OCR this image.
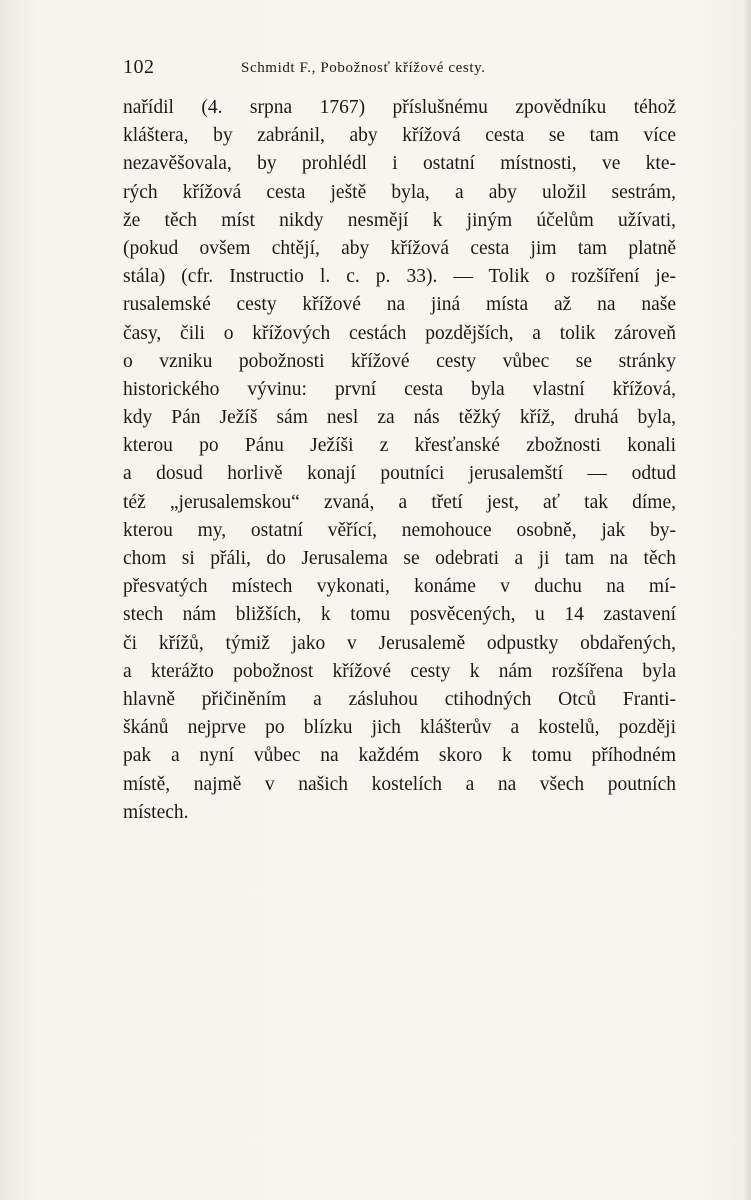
102	Schmidt F., Pobožnosť křížové cesty.
nařídil (4. srpna 1767) příslušnému zpovědníku téhož
kláštera, by zabránil, aby křížová cesta se tam více
nezavěšovala, by prohlédl i ostatní místnosti, ve kte-
rých křížová cesta ještě byla, a aby uložil sestrám,
že těch míst nikdy nesmějí k jiným účelům užívati,
(pokud ovšem chtějí, aby křížová cesta jim tam platně
stála) (cfr. Instructio l. c. p. 33). — Tolik o rozšíření je-
rusalemské cesty křížové na jiná místa až na naše
časy, čili o křížových cestách pozdějších, a tolik zároveň
o vzniku pobožnosti křížové cesty vůbec se stránky
historického vývinu: první cesta byla vlastní křížová,
kdy Pán Ježíš sám nesl za nás těžký kříž, druhá byla,
kterou po Pánu Ježíši z křesťanské zbožnosti konali
a dosud horlivě konají poutníci jerusalemští — odtud
též „jerusalemskou“ zvaná, a třetí jest, ať tak díme,
kterou my, ostatní věřící, nemohouce osobně, jak by-
chom si přáli, do Jerusalema se odebrati a ji tam na těch
přesvatých místech vykonati, konáme v duchu na mí-
stech nám bližších, k tomu posvěcených, u 14 zastavení
či křížů, týmiž jako v Jerusalemě odpustky obdařených,
a kterážto pobožnost křížové cesty k nám rozšířena byla
hlavně přičiněním a zásluhou ctihodných Otců Franti-
škánů nejprve po blízku jich klášterův a kostelů, později
pak a nyní vůbec na každém skoro k tomu příhodném
místě, najmě v našich kostelích a na všech poutních
místech.
